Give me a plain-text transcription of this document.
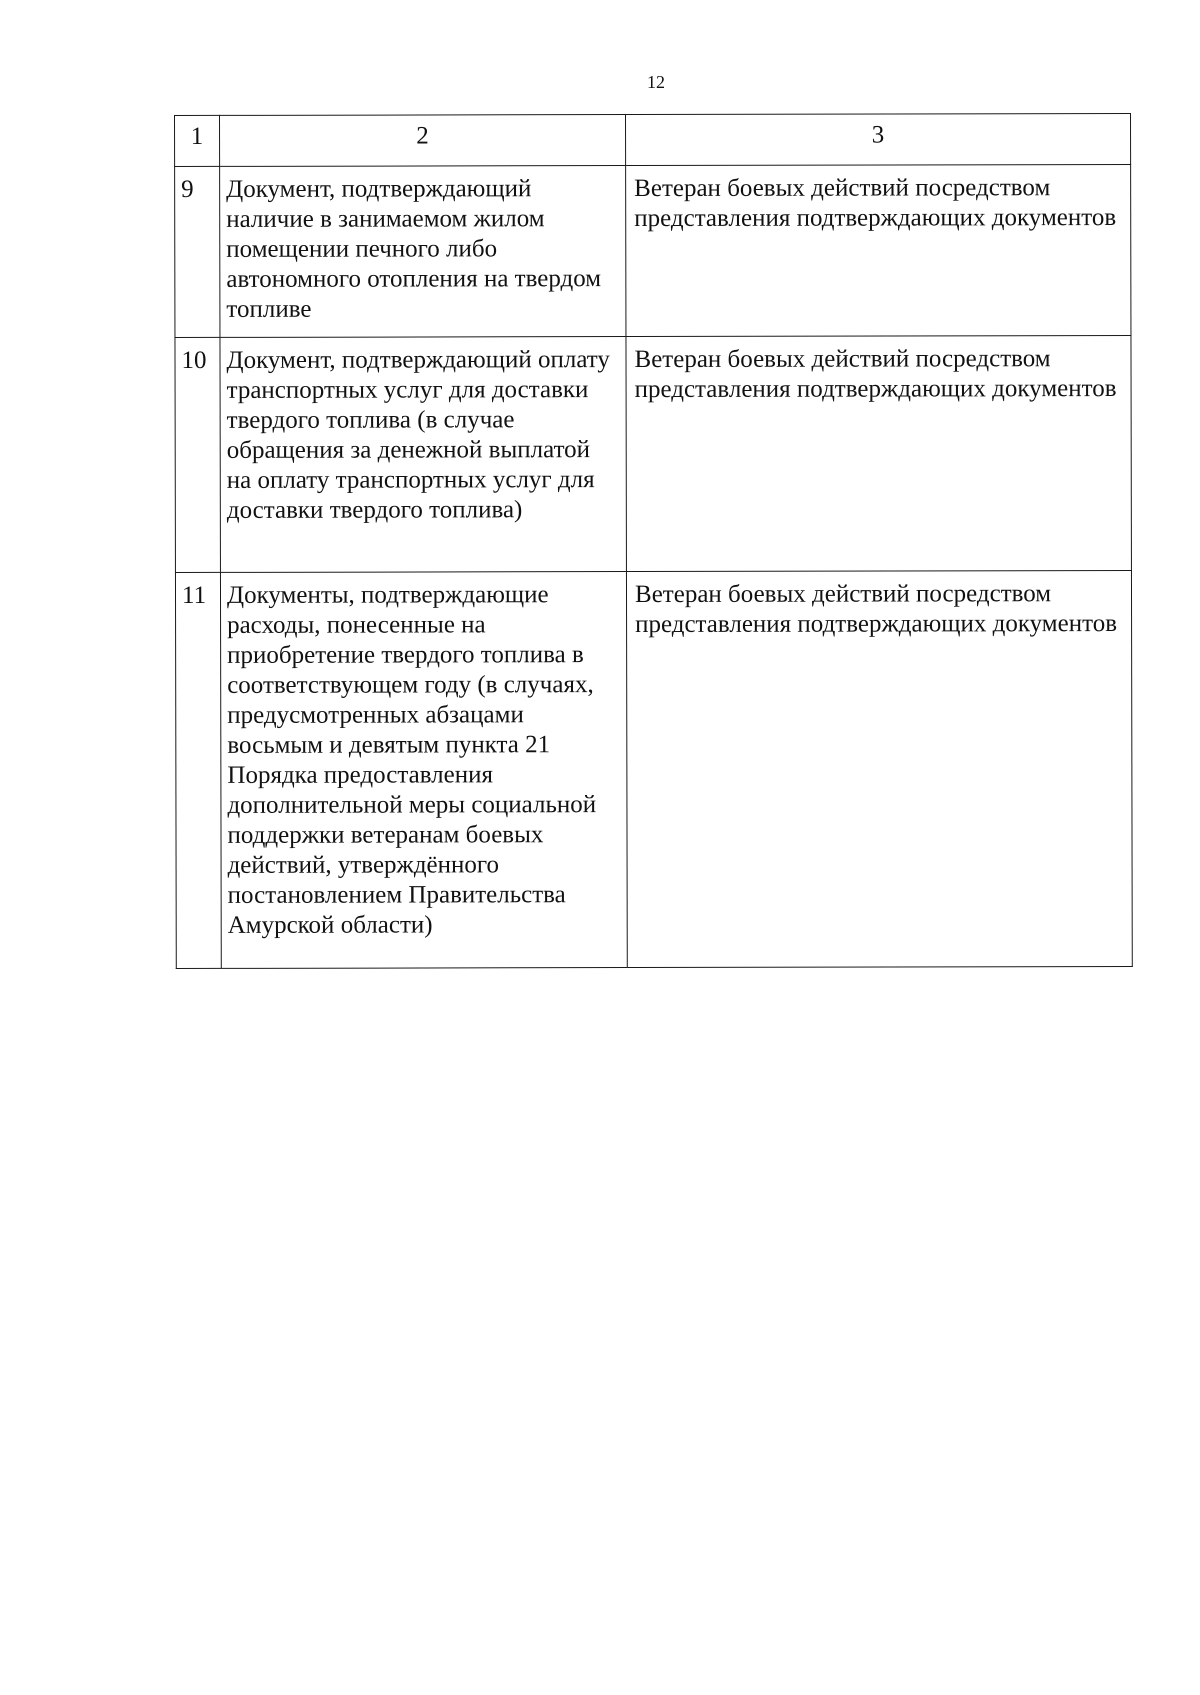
12
1	2	3
9	Документ, подтверждающий наличие в занимаемом жилом помещении печного либо автономного отопления на твердом топливе	Ветеран боевых действий посредством представления подтверждающих документов
10	Документ, подтверждающий оплату транспортных услуг для доставки твердого топлива (в случае обращения за денежной выплатой на оплату транспортных услуг для доставки твердого топлива)	Ветеран боевых действий посредством представления подтверждающих документов
11	Документы, подтверждающие расходы, понесенные на приобретение твердого топлива в соответствующем году (в случаях, предусмотренных абзацами восьмым и девятым пункта 21 Порядка предоставления дополнительной меры социальной поддержки ветеранам боевых действий, утверждённого постановлением Правительства Амурской области)	Ветеран боевых действий посредством представления подтверждающих документов
